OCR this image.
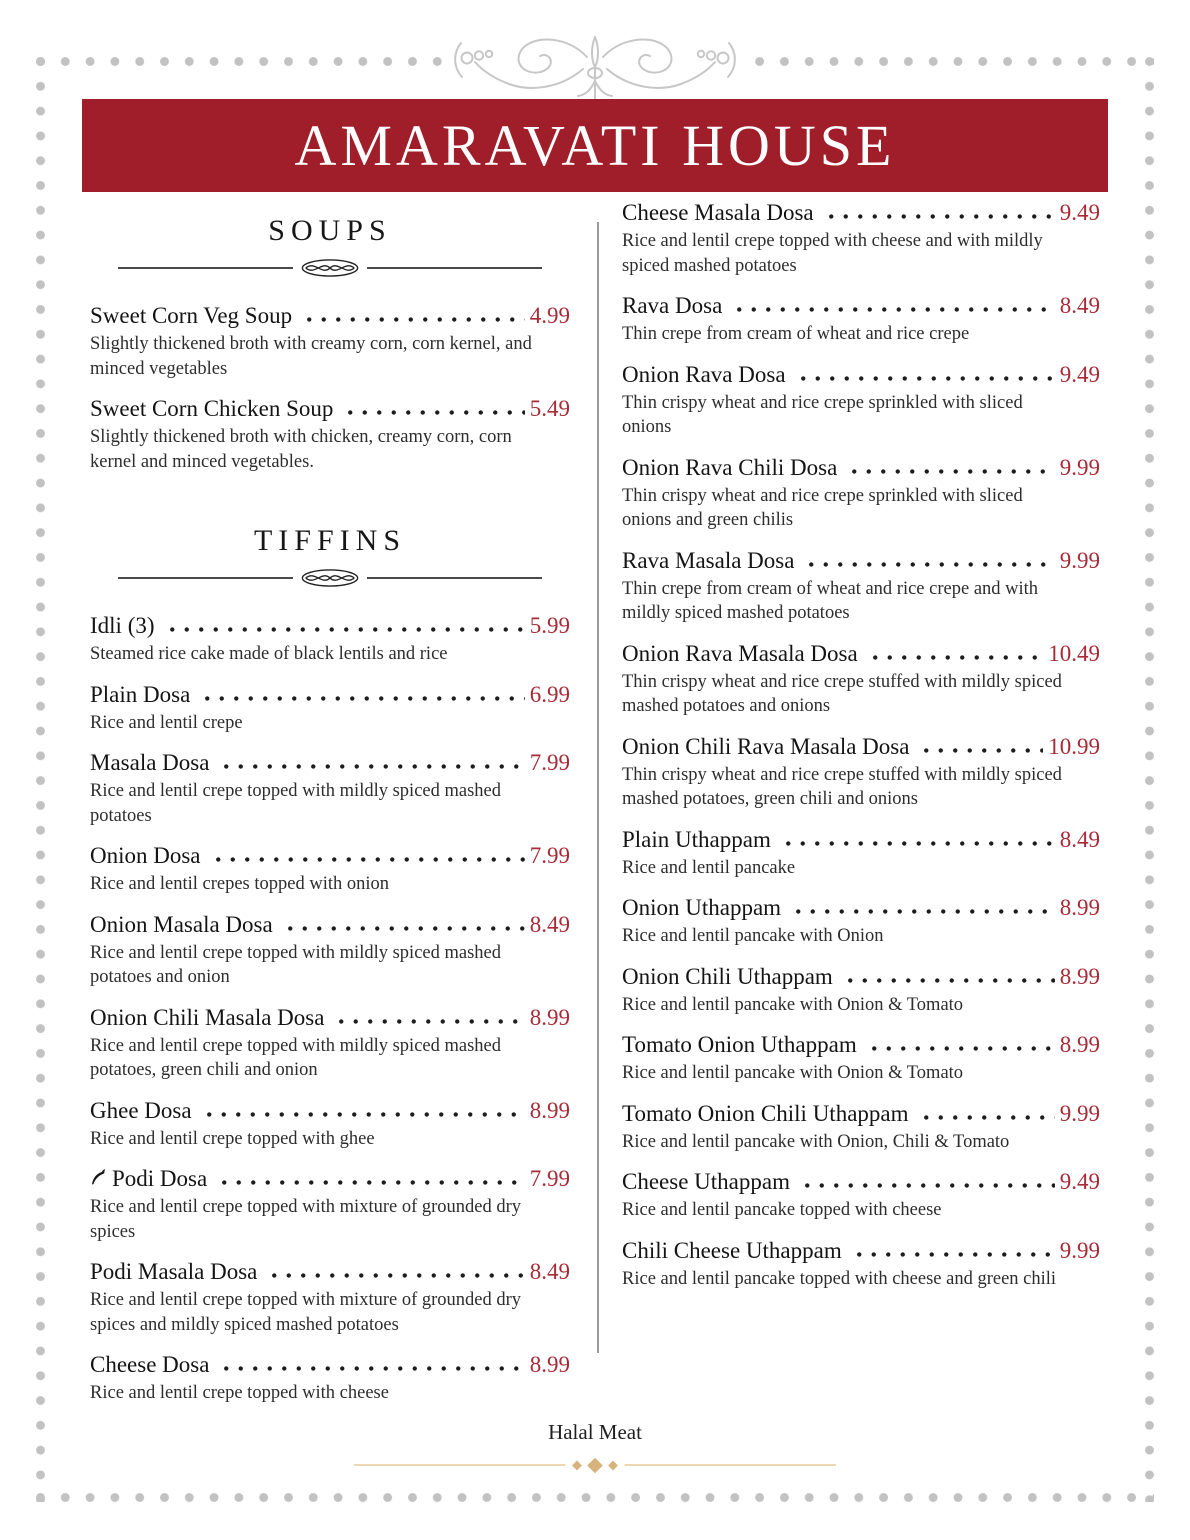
AMARAVATI HOUSE
SOUPS
Sweet Corn Veg Soup	4.99
Slightly thickened broth with creamy corn, corn kernel, and minced vegetables
Sweet Corn Chicken Soup	5.49
Slightly thickened broth with chicken, creamy corn, corn kernel and minced vegetables.
TIFFINS
Idli (3)	5.99
Steamed rice cake made of black lentils and rice
Plain Dosa	6.99
Rice and lentil crepe
Masala Dosa	7.99
Rice and lentil crepe topped with mildly spiced mashed potatoes
Onion Dosa	7.99
Rice and lentil crepes topped with onion
Onion Masala Dosa	8.49
Rice and lentil crepe topped with mildly spiced mashed potatoes and onion
Onion Chili Masala Dosa	8.99
Rice and lentil crepe topped with mildly spiced mashed potatoes, green chili and onion
Ghee Dosa	8.99
Rice and lentil crepe topped with ghee
Podi Dosa	7.99
Rice and lentil crepe topped with mixture of grounded dry spices
Podi Masala Dosa	8.49
Rice and lentil crepe topped with mixture of grounded dry spices and mildly spiced mashed potatoes
Cheese Dosa	8.99
Rice and lentil crepe topped with cheese
Cheese Masala Dosa	9.49
Rice and lentil crepe topped with cheese and with mildly spiced mashed potatoes
Rava Dosa	8.49
Thin crepe from cream of wheat and rice crepe
Onion Rava Dosa	9.49
Thin crispy wheat and rice crepe sprinkled with sliced onions
Onion Rava Chili Dosa	9.99
Thin crispy wheat and rice crepe sprinkled with sliced onions and green chilis
Rava Masala Dosa	9.99
Thin crepe from cream of wheat and rice crepe and with mildly spiced mashed potatoes
Onion Rava Masala Dosa	10.49
Thin crispy wheat and rice crepe stuffed with mildly spiced mashed potatoes and onions
Onion Chili Rava Masala Dosa	10.99
Thin crispy wheat and rice crepe stuffed with mildly spiced mashed potatoes, green chili and onions
Plain Uthappam	8.49
Rice and lentil pancake
Onion Uthappam	8.99
Rice and lentil pancake with Onion
Onion Chili Uthappam	8.99
Rice and lentil pancake with Onion & Tomato
Tomato Onion Uthappam	8.99
Rice and lentil pancake with Onion & Tomato
Tomato Onion Chili Uthappam	9.99
Rice and lentil pancake with Onion, Chili & Tomato
Cheese Uthappam	9.49
Rice and lentil pancake topped with cheese
Chili Cheese Uthappam	9.99
Rice and lentil pancake topped with cheese and green chili
Halal Meat
